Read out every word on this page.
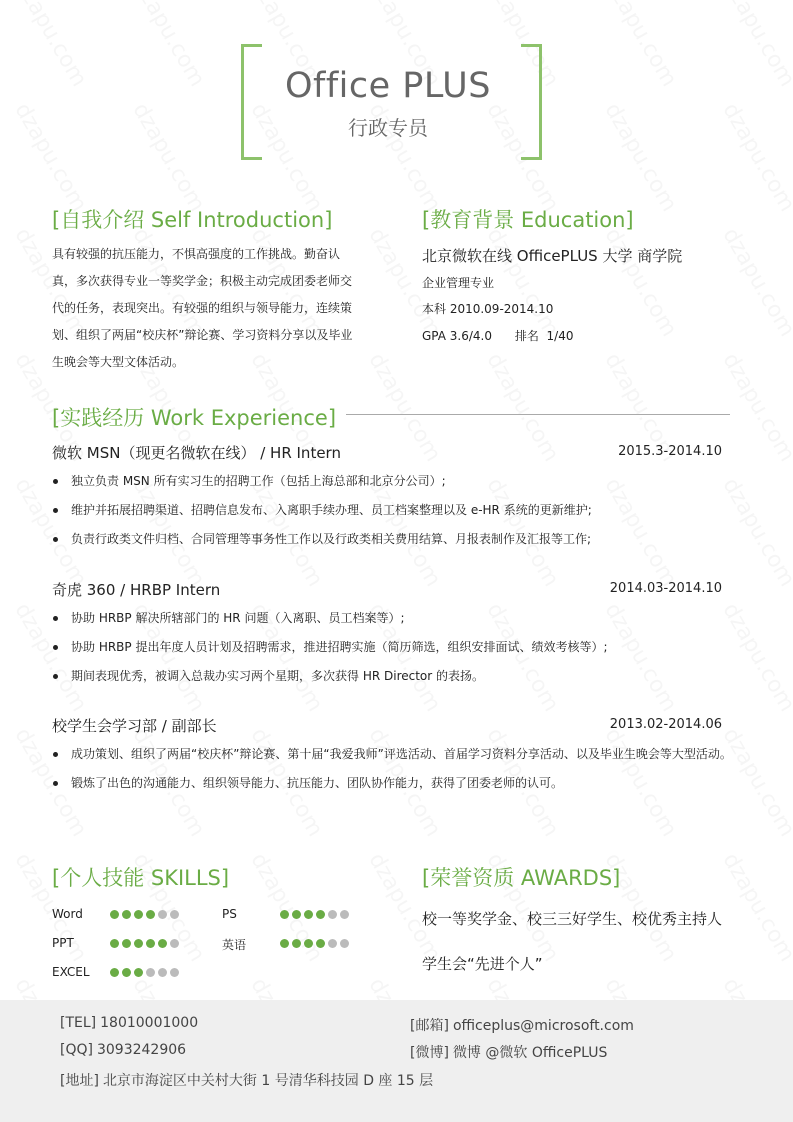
Office PLUS
行政专员
[自我介绍 Self Introduction]
具有较强的抗压能力，不惧高强度的工作挑战。勤奋认真，多次获得专业一等奖学金；积极主动完成团委老师交代的任务，表现突出。有较强的组织与领导能力，连续策划、组织了两届“校庆杯”辩论赛、学习资料分享以及毕业生晚会等大型文体活动。
[教育背景 Education]
北京微软在线 OfficePLUS 大学 商学院
企业管理专业
本科 2010.09-2014.10
GPA 3.6/4.0      排名  1/40
[实践经历 Work Experience]
微软 MSN（现更名微软在线） / HR Intern	2015.3-2014.10
独立负责 MSN 所有实习生的招聘工作（包括上海总部和北京分公司）;
维护并拓展招聘渠道、招聘信息发布、入离职手续办理、员工档案整理以及 e-HR 系统的更新维护;
负责行政类文件归档、合同管理等事务性工作以及行政类相关费用结算、月报表制作及汇报等工作;
奇虎 360 / HRBP Intern	2014.03-2014.10
协助 HRBP 解决所辖部门的 HR 问题（入离职、员工档案等）;
协助 HRBP 提出年度人员计划及招聘需求，推进招聘实施（简历筛选，组织安排面试、绩效考核等）;
期间表现优秀，被调入总裁办实习两个星期，多次获得 HR Director 的表扬。
校学生会学习部 / 副部长	2013.02-2014.06
成功策划、组织了两届“校庆杯”辩论赛、第十届“我爱我师”评选活动、首届学习资料分享活动、以及毕业生晚会等大型活动。
锻炼了出色的沟通能力、组织领导能力、抗压能力、团队协作能力，获得了团委老师的认可。
[个人技能 SKILLS]
Word	PS
PPT	英语
EXCEL
[荣誉资质 AWARDS]
校一等奖学金、校三三好学生、校优秀主持人
学生会“先进个人”
[TEL] 18010001000	[邮箱] officeplus@microsoft.com
[QQ] 3093242906	[微博] 微博 @微软 OfficePLUS
[地址] 北京市海淀区中关村大街 1 号清华科技园 D 座 15 层
